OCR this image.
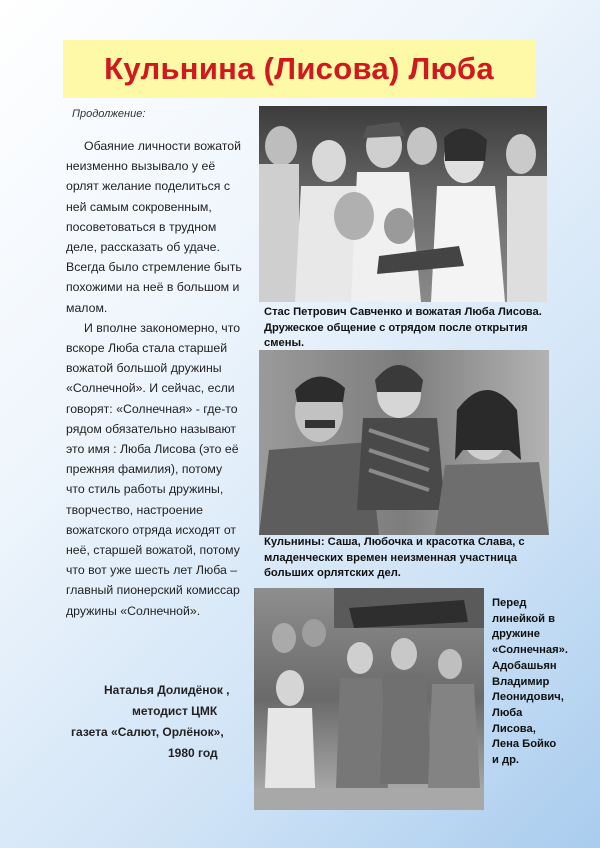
Кульнина (Лисова) Люба
Продолжение:

Обаяние личности вожатой неизменно вызывало у её орлят желание поделиться с ней самым сокровенным, посоветоваться в трудном деле, рассказать об удаче. Всегда было стремление быть похожими на неё в большом и малом.

И вполне закономерно, что вскоре Люба стала старшей вожатой большой дружины «Солнечной». И сейчас, если говорят: «Солнечная» - где-то рядом обязательно называют это имя : Люба Лисова (это её прежняя фамилия), потому что стиль работы дружины, творчество, настроение вожатского отряда исходят от неё, старшей вожатой, потому что вот уже шесть лет Люба – главный пионерский комиссар дружины «Солнечной».

Наталья Долидёнок ,
методист ЦМК
газета «Салют, Орлёнок»,
1980 год
Стас Петрович Савченко и вожатая Люба Лисова. Дружеское общение с отрядом после открытия смены.
Кульнины: Саша, Любочка и красотка Слава, с младенческих времен неизменная участница больших орлятских дел.
Перед линейкой в дружине «Солнечная». Адобашьян Владимир Леонидович, Люба Лисова, Лена Бойко и др.
